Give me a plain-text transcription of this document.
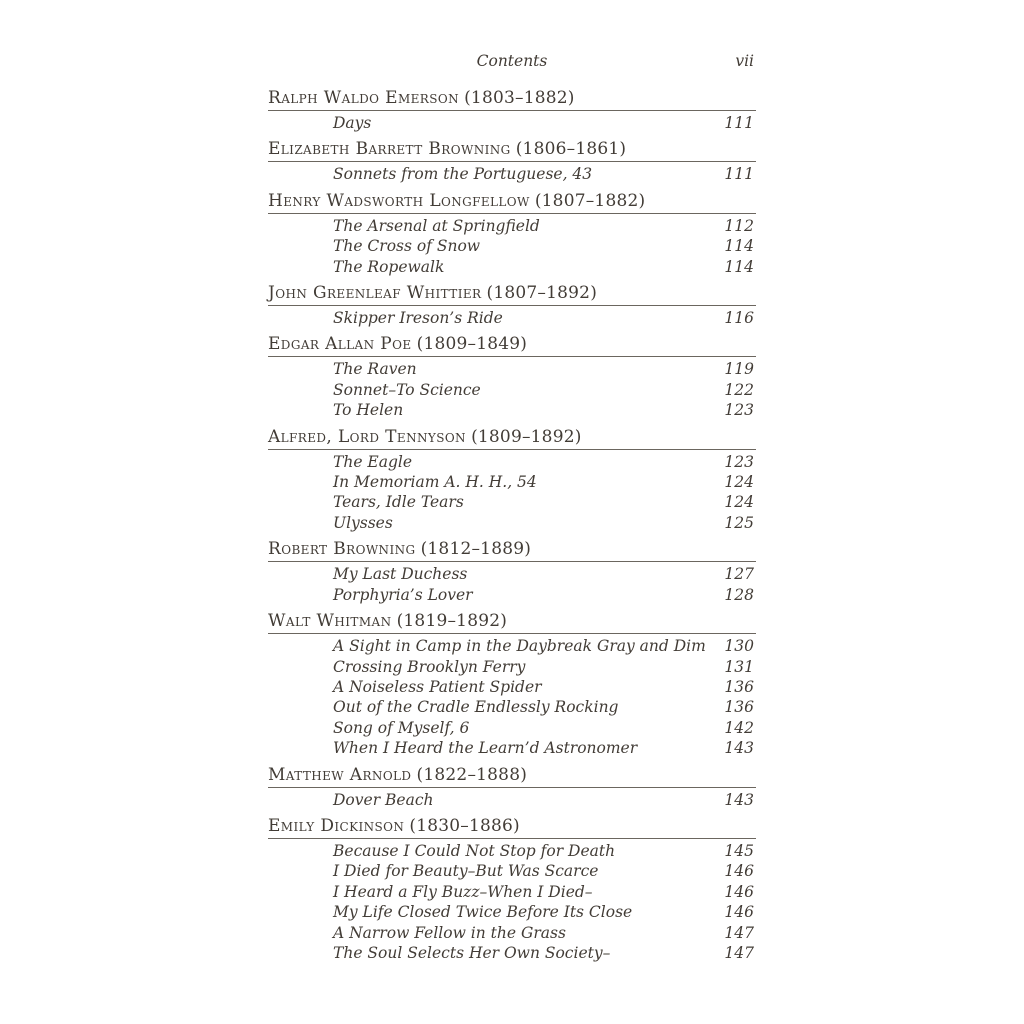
Contents	vii
Ralph Waldo Emerson (1803–1882)
Days	111
Elizabeth Barrett Browning (1806–1861)
Sonnets from the Portuguese, 43	111
Henry Wadsworth Longfellow (1807–1882)
The Arsenal at Springfield	112
The Cross of Snow	114
The Ropewalk	114
John Greenleaf Whittier (1807–1892)
Skipper Ireson’s Ride	116
Edgar Allan Poe (1809–1849)
The Raven	119
Sonnet–To Science	122
To Helen	123
Alfred, Lord Tennyson (1809–1892)
The Eagle	123
In Memoriam A. H. H., 54	124
Tears, Idle Tears	124
Ulysses	125
Robert Browning (1812–1889)
My Last Duchess	127
Porphyria’s Lover	128
Walt Whitman (1819–1892)
A Sight in Camp in the Daybreak Gray and Dim	130
Crossing Brooklyn Ferry	131
A Noiseless Patient Spider	136
Out of the Cradle Endlessly Rocking	136
Song of Myself, 6	142
When I Heard the Learn’d Astronomer	143
Matthew Arnold (1822–1888)
Dover Beach	143
Emily Dickinson (1830–1886)
Because I Could Not Stop for Death	145
I Died for Beauty–But Was Scarce	146
I Heard a Fly Buzz–When I Died–	146
My Life Closed Twice Before Its Close	146
A Narrow Fellow in the Grass	147
The Soul Selects Her Own Society–	147
